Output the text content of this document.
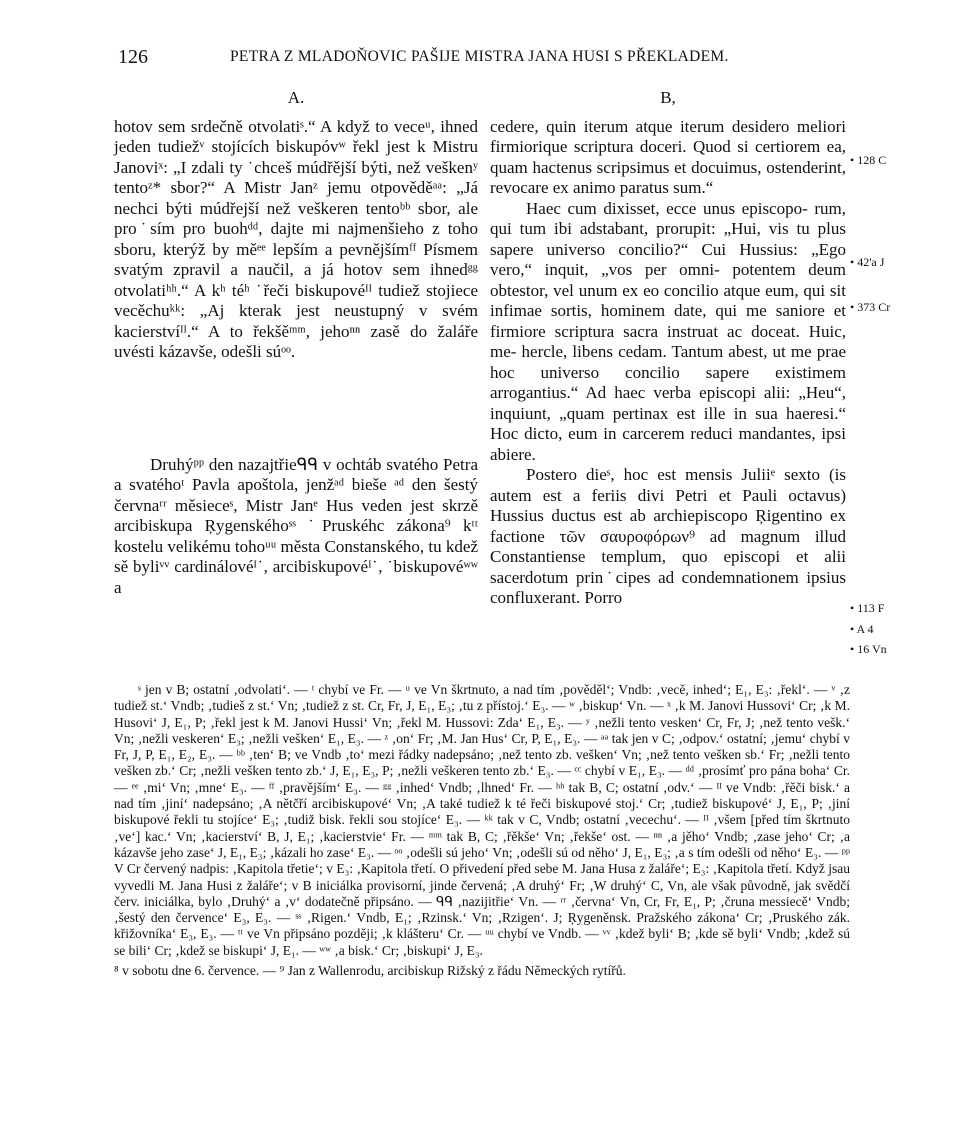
126	PETRA Z MLADOŇOVIC PAŠIJE MISTRA JANA HUSI S PŘEKLADEM.
A.

hotov sem srdečně otvolatiˢ.“ A když to veceᵘ, ihned jeden tudiežᵛ stojících biskupóvʷ řekl jest k Mistru Janoviˣ: „I zdali ty ˙chceš múdřější býti, než veškenʸ tentoᶻ* sbor?“ A Mistr Janᶻ jemu otpověděᵃᵃ: „Já nechci býti múdřejší než veškeren tentoᵇᵇ sbor, ale pro˙sím pro buohᵈᵈ, dajte mi najmenšieho z toho sboru, kterýž by měᵉᵉ lepším a pevnějšímᶠᶠ Písmem svatým zpravil a naučil, a já hotov sem ihnedᵍᵍ otvolatiʰʰ.“ A kʰ téʰ ˙řeči biskupovéᴵᴵ tudiež stojiece vecěchuᵏᵏ: „Aj kterak jest neustupný v svém kacierstvíᴵᴵ.“ A to řekšěᵐᵐ, jehoⁿⁿ zasě do žaláře uvésti kázavše, odešli súᵒᵒ.

Druhýᵖᵖ den nazajtřieᑫᑫ v ochtáb svatého Petra a svatéhoᵗ Pavla apoštola, jenžᵃᵈ bieše ᵃᵈ den šestý červnaʳʳ měsieceˢ, Mistr Janᵉ Hus veden jest skrzě arcibiskupa Ŗygenskéhoˢˢ ˙Pruskéhc zákona⁹ kᵗᵗ kostelu velikému tohoᵘᵘ města Constanského, tu kdež sě byliᵛᵛ cardinálovéᴵ˙, arcibiskupovéᴵ˙, ˙biskupovéʷʷ a

B,

cedere, quin iterum atque iterum desidero meliori firmiorique scriptura doceri. Quod si certiorem ea, quam hactenus scripsimus et docuimus, ostenderint, revocare ex animo paratus sum.“

Haec cum dixisset, ecce unus episcopo- rum, qui tum ibi adstabant, prorupit: „Hui, vis tu plus sapere universo concilio?“ Cui Hussius: „Ego vero,“ inquit, „vos per omni- potentem deum obtestor, vel unum ex eo concilio atque eum, qui sit infimae sortis, hominem date, qui me saniore et firmiore scriptura sacra instruat ac doceat. Huic, me- hercle, libens cedam. Tantum abest, ut me prae hoc universo concilio sapere existimem arrogantius.“ Ad haec verba episcopi alii: „Heu“, inquiunt, „quam pertinax est ille in sua haeresi.“ Hoc dicto, eum in carcerem reduci mandantes, ipsi abiere.

Postero dieˢ, hoc est mensis Juliiᵉ sexto (is autem est a feriis divi Petri et Pauli octavus) Hussius ductus est ab archiepiscopo Ŗigentino ex factione τῶν σαυροφόρων⁹ ad magnum illud Constantiense templum, quo episcopi et alii sacerdotum prin˙cipes ad condemnationem ipsius confluxerant. Porro

• 128 C
• 42'a J
• 373 Cr
• 113 F
• A 4
• 16 Vn

ˢ jen v B; ostatní ‚odvolati‘. — ᵗ chybí ve Fr. — ᵘ ve Vn škrtnuto, a nad tím ‚pověděl‘; Vndb: ‚vecě, inhed‘; E₁, E₃: ‚řekl‘. — ᵛ ‚z tudiež st.‘ Vndb; ‚tudieš z st.‘ Vn; ‚tudiež z st. Cr, Fr, J, E₁, E₃; ‚tu z přístoj.‘ E₃. — ʷ ‚biskup‘ Vn. — ˣ ‚k M. Janovi Hussovi‘ Cr; ‚k M. Husovi‘ J, E₁, P; ‚řekl jest k M. Janovi Hussi‘ Vn; ‚řekl M. Hussovi: Zda‘ E₁, E₃. — ʸ ‚nežli tento vesken‘ Cr, Fr, J; ‚než tento vešk.‘ Vn; ‚nežli veskeren‘ E₃; ‚nežli vešken‘ E₁, E₃. — ᶻ ‚on‘ Fr; ‚M. Jan Hus‘ Cr, P, E₁, E₃. — ᵃᵃ tak jen v C; ‚odpov.‘ ostatní; ‚jemu‘ chybí v Fr, J, P, E₁, E₂, E₃. — ᵇᵇ ‚ten‘ B; ve Vndb ‚to‘ mezi řádky nadepsáno; ‚než tento zb. vešken‘ Vn; ‚než tento vešken sb.‘ Fr; ‚nežli tento vešken zb.‘ Cr; ‚nežli vešken tento zb.‘ J, E₁, E₃, P; ‚nežli veškeren tento zb.‘ E₃. — ᶜᶜ chybí v E₁, E₃. — ᵈᵈ ‚prosímť pro pána boha‘ Cr. — ᵉᵉ ‚mi‘ Vn; ‚mne‘ E₃. — ᶠᶠ ‚pravějším‘ E₃. — ᵍᵍ ‚inhed‘ Vndb; ‚lhned‘ Fr. — ʰʰ tak B, C; ostatní ‚odv.‘ — ᴵᴵ ve Vndb: ‚řěči bisk.‘ a nad tím ‚jiní‘ nadepsáno; ‚A nětčří arcibiskupové‘ Vn; ‚A také tudiež k té řeči biskupové stoj.‘ Cr; ‚tudiež biskupové‘ J, E₁, P; ‚jiní biskupové řekli tu stojíce‘ E₃; ‚tudiž bisk. řekli sou stojíce‘ E₃. — ᵏᵏ tak v C, Vndb; ostatní ‚vecechu‘. — ᴵᴵ ‚všem [před tím škrtnuto ‚ve‘] kac.‘ Vn; ‚kacierství‘ B, J, E₁; ‚kacierstvie‘ Fr. — ᵐᵐ tak B, C; ‚řěkše‘ Vn; ‚řekše‘ ost. — ⁿⁿ ‚a jěho‘ Vndb; ‚zase jeho‘ Cr; ‚a kázavše jeho zase‘ J, E₁, E₃; ‚kázali ho zase‘ E₃. — ᵒᵒ ‚odešli sú jeho‘ Vn; ‚odešli sú od něho‘ J, E₁, E₃; ‚a s tím odešli od něho‘ E₃. — ᵖᵖ V Cr červený nadpis: ‚Kapitola třetie‘; v E₃: ‚Kapitola třetí. O přivedení před sebe M. Jana Husa z žaláře‘; E₃: ‚Kapitola třetí. Když jsau vyvedli M. Jana Husi z žaláře‘; v B iniciálka provisorní, jinde červená; ‚A druhý‘ Fr; ‚W druhý‘ C, Vn, ale však původně, jak svědčí červ. iniciálka, bylo ‚Druhý‘ a ‚v‘ dodatečně připsáno. — ᑫᑫ ‚nazijitřie‘ Vn. — ʳʳ ‚června‘ Vn, Cr, Fr, E₁, P; ‚čruna messiecě‘ Vndb; ‚šestý den července‘ E₃, E₃. — ˢˢ ‚Rigen.‘ Vndb, E₁; ‚Rzinsk.‘ Vn; ‚Rzigen‘. J; Ŗygeněnsk. Pražského zákona‘ Cr; ‚Pruského zák. křižovníka‘ E₃, E₃. — ᵗᵗ ve Vn připsáno později; ‚k klášteru‘ Cr. — ᵘᵘ chybí ve Vndb. — ᵛᵛ ‚kdež byli‘ B; ‚kde sě byli‘ Vndb; ‚kdež sú se bili‘ Cr; ‚kdež se biskupi‘ J, E₁. — ʷʷ ‚a bisk.‘ Cr; ‚biskupi‘ J, E₃.

⁸ v sobotu dne 6. července. — ⁹ Jan z Wallenrodu, arcibiskup Rižský z řádu Německých rytířů.
